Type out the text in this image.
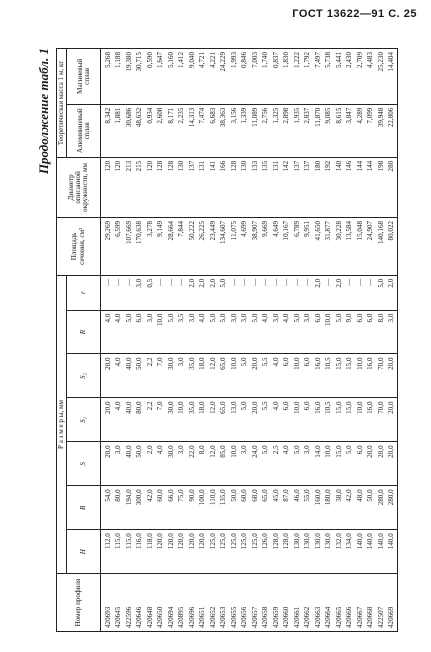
ГОСТ 13622—91 С. 25
Продолжение табл. 1
Номер профиля	Р а з м е р ы, мм							Площадь сечения, см²	Диаметр описанной окружности, мм	Теоретическая масса 1 м, кг	
	H	B	S	S₁	S₂	R	r			Алюминиевый сплав	Магниевый сплав
420693	112,0	54,0	20,0	20,0	20,0	4,0	—	29,269	120	8,342	5,268
420645	115,0	80,0	3,0	4,0	4,0	4,0	—	6,599	120	1,881	1,188
422596	115,0	194,0	40,0	40,0	40,0	5,0	—	107,669	213	30,686	19,380
420646	116,0	300,0	50,0	80,0	50,0	6,0	3,0	170,638	215	48,632	30,715
420648	118,0	42,0	2,0	2,2	2,2	3,0	0,5	3,278	120	0,934	0,590
420650	120,0	60,0	4,0	7,0	7,0	10,0	—	9,149	128	2,608	1,647
420694	120,0	66,0	30,0	30,0	30,0	5,0	—	28,664	128	8,171	5,160
420895	120,0	75,0	3,0	10,0	3,0	3,5	—	7,844	130	2,235	1,412
420696	120,0	90,0	22,0	35,0	35,0	3,0	2,0	50,222	137	14,313	9,040
420651	120,0	100,0	8,0	18,0	18,0	4,0	2,0	26,225	131	7,474	4,721
420652	125,0	110,0	12,0	12,0	12,0	5,0	2,0	23,449	141	6,683	4,221
420653	125,0	135,0	85,0	65,0	65,0	5,0	5,0	134,607	166	38,363	24,229
420655	125,0	50,0	10,0	13,0	10,0	3,0	—	11,075	128	3,156	1,993
420656	125,0	60,0	3,0	5,0	5,0	3,0	—	4,699	130	1,339	0,846
420657	125,0	68,0	24,0	20,0	20,0	5,0	—	38,907	133	11,089	7,003
420658	126,0	65,0	5,0	5,5	5,5	4,0	—	9,669	135	2,756	1,740
420659	128,0	45,0	2,5	4,0	4,0	3,0	—	4,649	131	1,325	0,837
420660	128,0	87,0	4,0	6,0	6,0	4,0	—	10,167	142	2,898	1,830
420661	130,0	46,0	5,0	10,0	10,0	5,0	—	6,789	137	1,935	1,222
420662	130,0	55,0	3,0	6,0	6,0	3,0	—	9,951	137	2,837	1,792
420663	130,0	160,0	14,0	16,0	16,0	6,0	2,0	41,650	180	11,870	7,497
420664	130,0	180,0	10,0	10,5	10,5	10,0	—	31,877	192	9,085	5,738
420665	132,0	38,0	15,0	15,0	15,0	5,0	2,0	30,228	140	8,615	5,441
420666	134,0	42,0	5,0	15,0	15,0	9,0	—	13,584	146	3,847	2,430
420667	140,0	48,0	6,0	10,0	10,0	6,0	—	15,048	144	4,289	2,709
420668	140,0	50,0	20,0	16,0	16,0	6,0	—	24,907	144	7,099	4,483
422507	140,0	280,0	20,0	70,0	70,0	8,0	5,0	140,168	198	39,948	25,230
420669	140,0	280,0	20,0	20,0	20,0	3,0	2,0	80,022	280	22,806	14,404
